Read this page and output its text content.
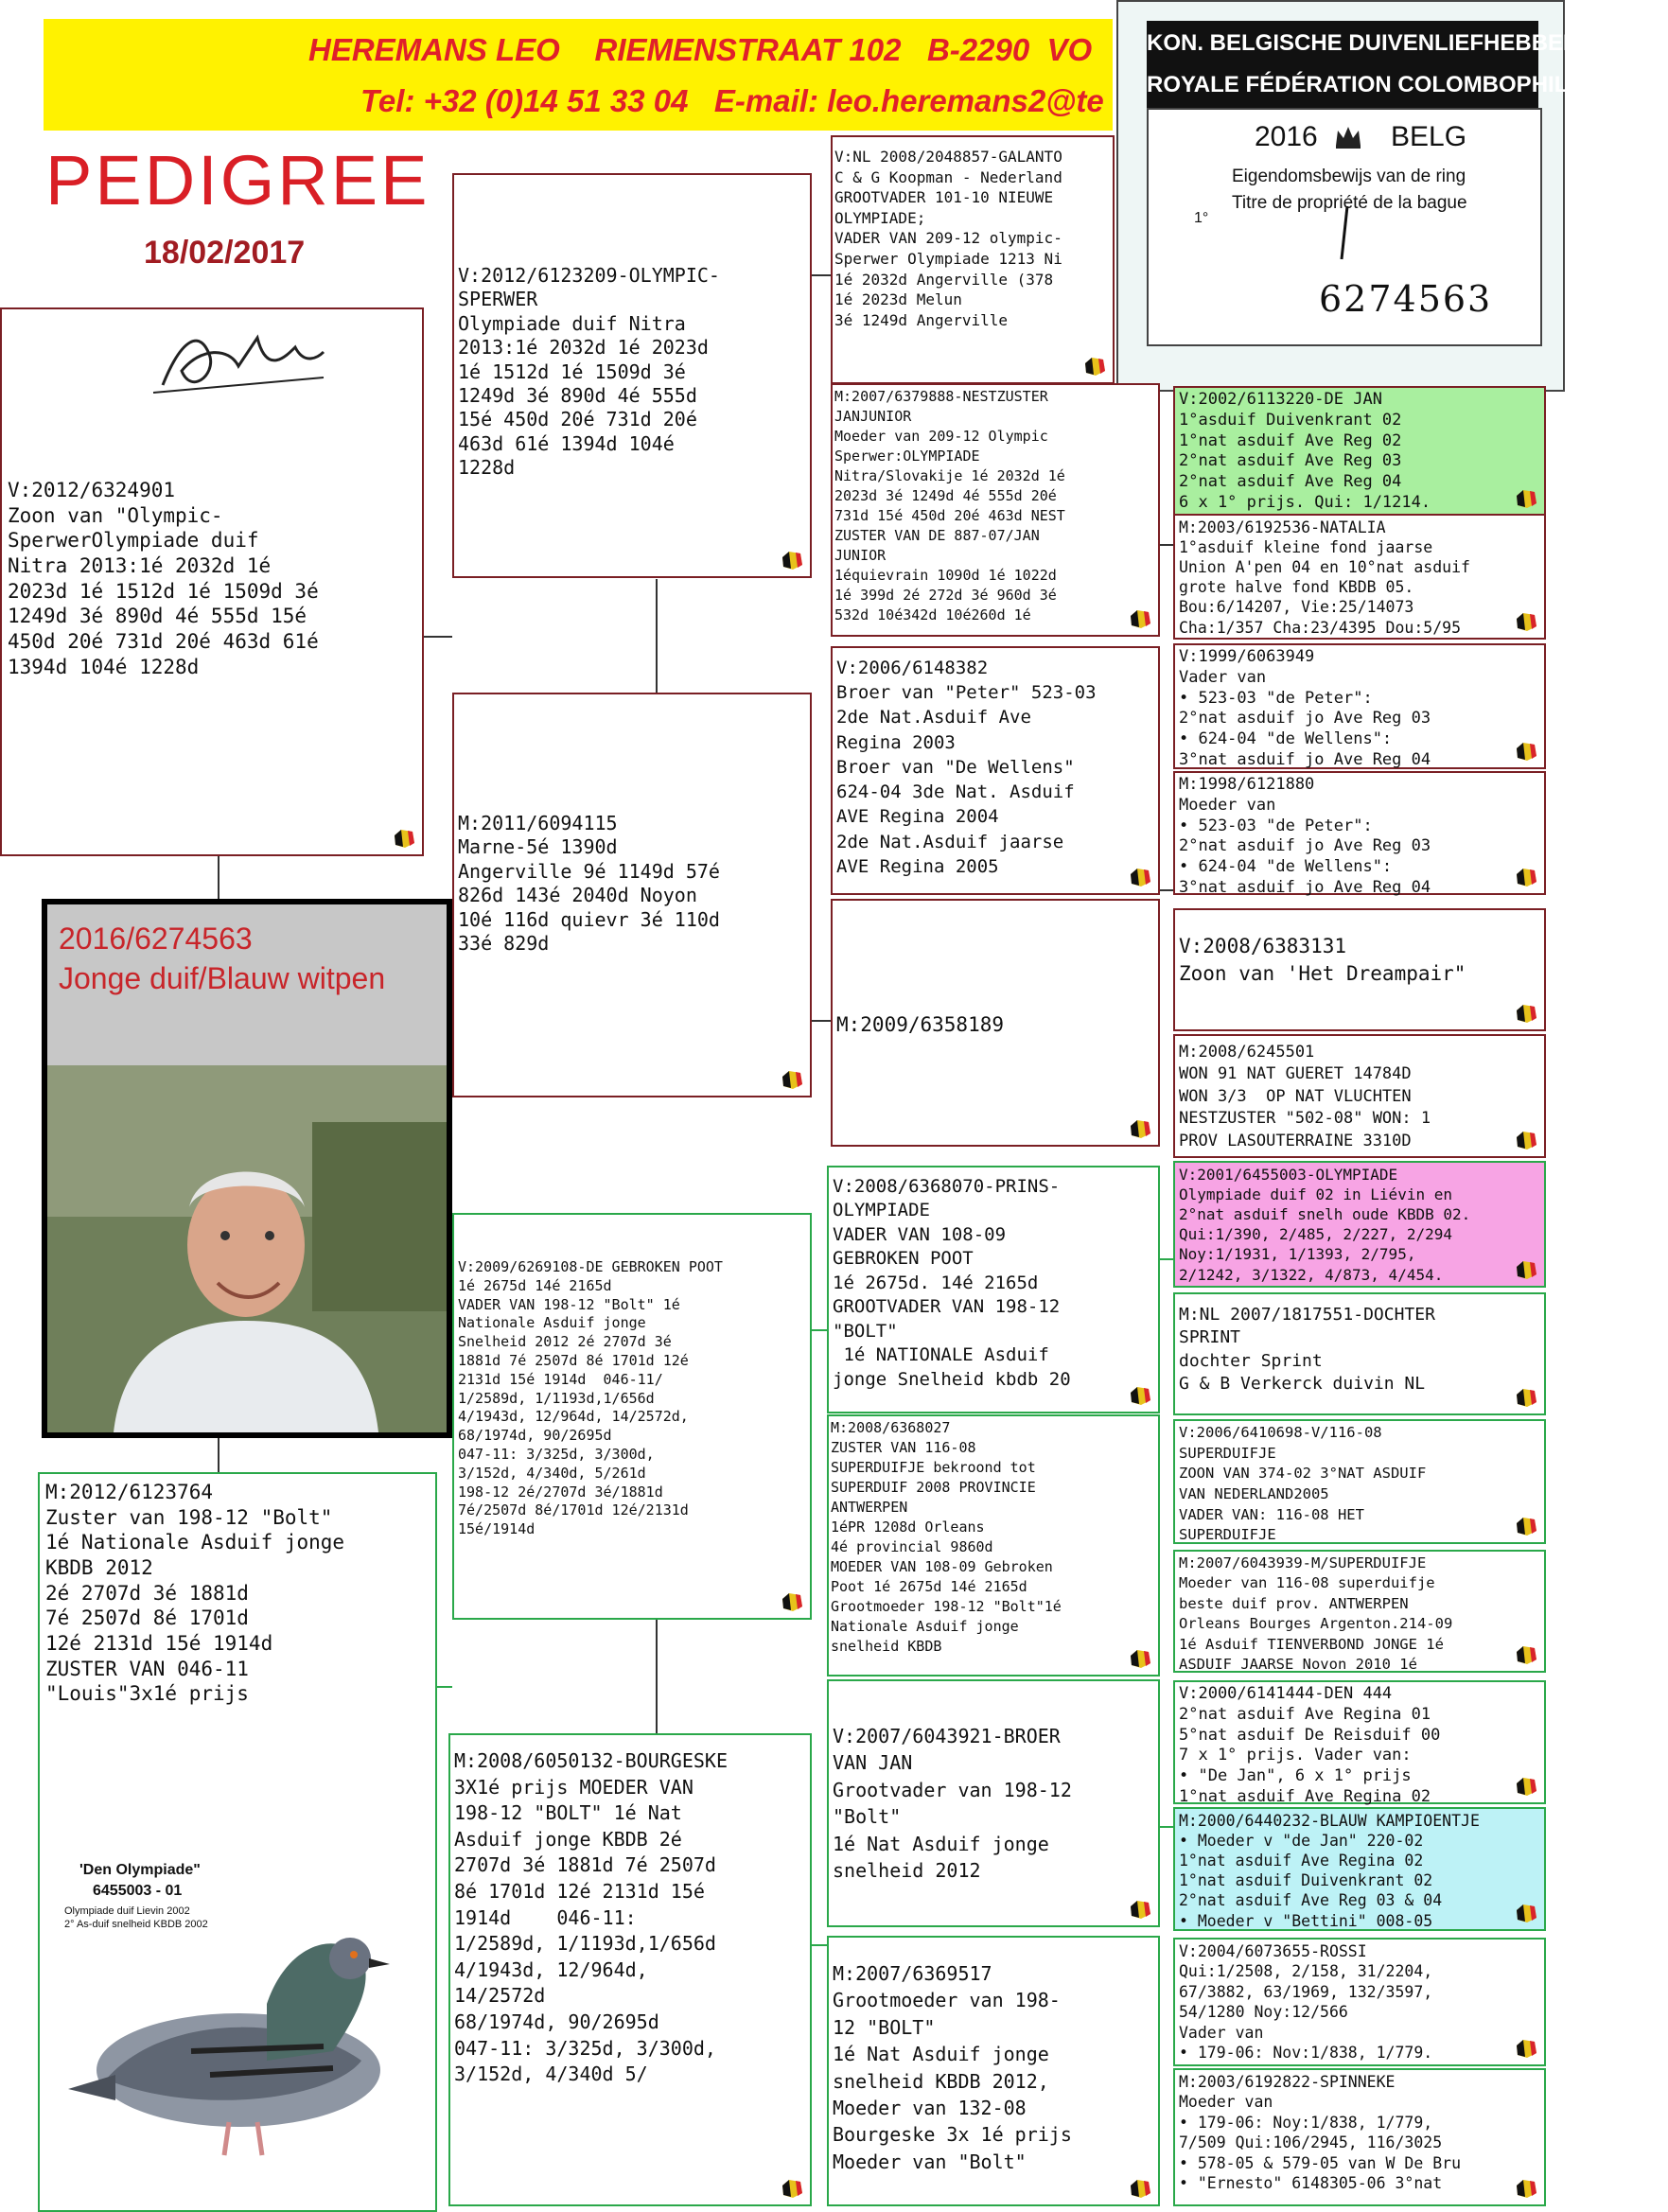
HEREMANS LEO    RIEMENSTRAAT 102   B-2290  VO
Tel: +32 (0)14 51 33 04   E-mail: leo.heremans2@te
PEDIGREE
18/02/2017
KON. BELGISCHE DUIVENLIEFHEBBERSBOND
ROYALE FÉDÉRATION COLOMBOPHILE BELGE
2016	BELG
Eigendomsbewijs van de ring
Titre de propriété de la bague
1°
6274563
V:2012/6324901
Zoon van "Olympic-
SperwerOlympiade duif
Nitra 2013:1é 2032d 1é
2023d 1é 1512d 1é 1509d 3é
1249d 3é 890d 4é 555d 15é
450d 20é 731d 20é 463d 61é
1394d 104é 1228d
M:2012/6123764
Zuster van 198-12 "Bolt"
1é Nationale Asduif jonge
KBDB 2012
2é 2707d 3é 1881d
7é 2507d 8é 1701d
12é 2131d 15é 1914d
ZUSTER VAN 046-11
"Louis"3x1é prijs
'Den Olympiade"
6455003 - 01
Olympiade duif Lievin 2002
2° As-duif snelheid KBDB 2002
2016/6274563
Jonge duif/Blauw witpen
V:2012/6123209-OLYMPIC-
SPERWER
Olympiade duif Nitra
2013:1é 2032d 1é 2023d
1é 1512d 1é 1509d 3é
1249d 3é 890d 4é 555d
15é 450d 20é 731d 20é
463d 61é 1394d 104é
1228d
M:2011/6094115
Marne-5é 1390d
Angerville 9é 1149d 57é
826d 143é 2040d Noyon
10é 116d quievr 3é 110d
33é 829d
V:2009/6269108-DE GEBROKEN POOT
1é 2675d 14é 2165d
VADER VAN 198-12 "Bolt" 1é
Nationale Asduif jonge
Snelheid 2012 2é 2707d 3é
1881d 7é 2507d 8é 1701d 12é
2131d 15é 1914d  046-11/
1/2589d, 1/1193d,1/656d
4/1943d, 12/964d, 14/2572d,
68/1974d, 90/2695d
047-11: 3/325d, 3/300d,
3/152d, 4/340d, 5/261d
198-12 2é/2707d 3é/1881d
7é/2507d 8é/1701d 12é/2131d
15é/1914d
M:2008/6050132-BOURGESKE
3X1é prijs MOEDER VAN
198-12 "BOLT" 1é Nat
Asduif jonge KBDB 2é
2707d 3é 1881d 7é 2507d
8é 1701d 12é 2131d 15é
1914d    046-11:
1/2589d, 1/1193d,1/656d
4/1943d, 12/964d,
14/2572d
68/1974d, 90/2695d
047-11: 3/325d, 3/300d,
3/152d, 4/340d 5/
V:NL 2008/2048857-GALANTO
C & G Koopman - Nederland
GROOTVADER 101-10 NIEUWE
OLYMPIADE;
VADER VAN 209-12 olympic-
Sperwer Olympiade 1213 Ni
1é 2032d Angerville (378
1é 2023d Melun
3é 1249d Angerville
M:2007/6379888-NESTZUSTER
JANJUNIOR
Moeder van 209-12 Olympic
Sperwer:OLYMPIADE
Nitra/Slovakije 1é 2032d 1é
2023d 3é 1249d 4é 555d 20é
731d 15é 450d 20é 463d NEST
ZUSTER VAN DE 887-07/JAN
JUNIOR
1équievrain 1090d 1é 1022d
1é 399d 2é 272d 3é 960d 3é
532d 10é342d 10é260d 1é
V:2006/6148382
Broer van "Peter" 523-03
2de Nat.Asduif Ave
Regina 2003
Broer van "De Wellens"
624-04 3de Nat. Asduif
AVE Regina 2004
2de Nat.Asduif jaarse
AVE Regina 2005
M:2009/6358189
V:2008/6368070-PRINS-
OLYMPIADE
VADER VAN 108-09
GEBROKEN POOT
1é 2675d. 14é 2165d
GROOTVADER VAN 198-12
"BOLT"
1é NATIONALE Asduif
jonge Snelheid kbdb 20
M:2008/6368027
ZUSTER VAN 116-08
SUPERDUIFJE bekroond tot
SUPERDUIF 2008 PROVINCIE
ANTWERPEN
1éPR 1208d Orleans
4é provincial 9860d
MOEDER VAN 108-09 Gebroken
Poot 1é 2675d 14é 2165d
Grootmoeder 198-12 "Bolt"1é
Nationale Asduif jonge
snelheid KBDB
V:2007/6043921-BROER
VAN JAN
Grootvader van 198-12
"Bolt"
1é Nat Asduif jonge
snelheid 2012
M:2007/6369517
Grootmoeder van 198-
12 "BOLT"
1é Nat Asduif jonge
snelheid KBDB 2012,
Moeder van 132-08
Bourgeske 3x 1é prijs
Moeder van "Bolt"
V:2002/6113220-DE JAN
1°asduif Duivenkrant 02
1°nat asduif Ave Reg 02
2°nat asduif Ave Reg 03
2°nat asduif Ave Reg 04
6 x 1° prijs. Qui: 1/1214.
M:2003/6192536-NATALIA
1°asduif kleine fond jaarse
Union A'pen 04 en 10°nat asduif
grote halve fond KBDB 05.
Bou:6/14207, Vie:25/14073
Cha:1/357 Cha:23/4395 Dou:5/95
V:1999/6063949
Vader van
• 523-03 "de Peter":
2°nat asduif jo Ave Reg 03
• 624-04 "de Wellens":
3°nat asduif jo Ave Reg 04
M:1998/6121880
Moeder van
• 523-03 "de Peter":
2°nat asduif jo Ave Reg 03
• 624-04 "de Wellens":
3°nat asduif jo Ave Reg 04
V:2008/6383131
Zoon van 'Het Dreampair"
M:2008/6245501
WON 91 NAT GUERET 14784D
WON 3/3  OP NAT VLUCHTEN
NESTZUSTER "502-08" WON: 1
PROV LASOUTERRAINE 3310D
V:2001/6455003-OLYMPIADE
Olympiade duif 02 in Liévin en
2°nat asduif snelh oude KBDB 02.
Qui:1/390, 2/485, 2/227, 2/294
Noy:1/1931, 1/1393, 2/795,
2/1242, 3/1322, 4/873, 4/454.
M:NL 2007/1817551-DOCHTER
SPRINT
dochter Sprint
G & B Verkerck duivin NL
V:2006/6410698-V/116-08
SUPERDUIFJE
ZOON VAN 374-02 3°NAT ASDUIF
VAN NEDERLAND2005
VADER VAN: 116-08 HET
SUPERDUIFJE
M:2007/6043939-M/SUPERDUIFJE
Moeder van 116-08 superduifje
beste duif prov. ANTWERPEN
Orleans Bourges Argenton.214-09
1é Asduif TIENVERBOND JONGE 1é
ASDUIF JAARSE Novon 2010 1é
V:2000/6141444-DEN 444
2°nat asduif Ave Regina 01
5°nat asduif De Reisduif 00
7 x 1° prijs. Vader van:
• "De Jan", 6 x 1° prijs
1°nat asduif Ave Regina 02
M:2000/6440232-BLAUW KAMPIOENTJE
• Moeder v "de Jan" 220-02
1°nat asduif Ave Regina 02
1°nat asduif Duivenkrant 02
2°nat asduif Ave Reg 03 & 04
• Moeder v "Bettini" 008-05
V:2004/6073655-ROSSI
Qui:1/2508, 2/158, 31/2204,
67/3882, 63/1969, 132/3597,
54/1280 Noy:12/566
Vader van
• 179-06: Nov:1/838, 1/779.
M:2003/6192822-SPINNEKE
Moeder van
• 179-06: Noy:1/838, 1/779,
7/509 Qui:106/2945, 116/3025
• 578-05 & 579-05 van W De Bru
• "Ernesto" 6148305-06 3°nat
